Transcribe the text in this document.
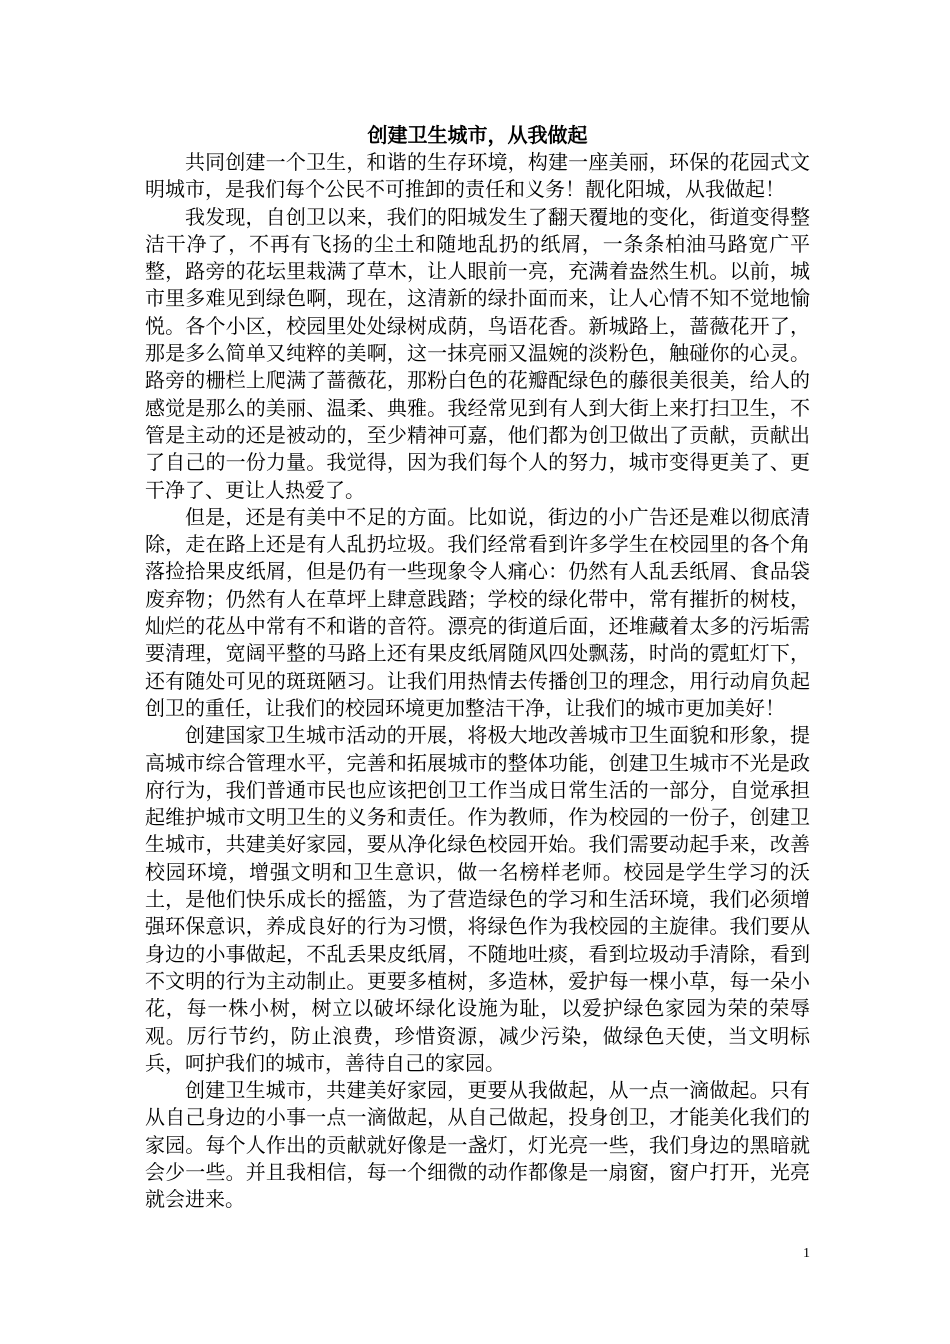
创建卫生城市，从我做起

共同创建一个卫生，和谐的生存环境，构建一座美丽，环保的花园式文明城市，是我们每个公民不可推卸的责任和义务！靓化阳城，从我做起！

我发现，自创卫以来，我们的阳城发生了翻天覆地的变化，街道变得整洁干净了，不再有飞扬的尘土和随地乱扔的纸屑，一条条柏油马路宽广平整，路旁的花坛里栽满了草木，让人眼前一亮，充满着盎然生机。以前，城市里多难见到绿色啊，现在，这清新的绿扑面而来，让人心情不知不觉地愉悦。各个小区，校园里处处绿树成荫，鸟语花香。新城路上，蔷薇花开了，那是多么简单又纯粹的美啊，这一抹亮丽又温婉的淡粉色，触碰你的心灵。路旁的栅栏上爬满了蔷薇花，那粉白色的花瓣配绿色的藤很美很美，给人的感觉是那么的美丽、温柔、典雅。我经常见到有人到大街上来打扫卫生，不管是主动的还是被动的，至少精神可嘉，他们都为创卫做出了贡献，贡献出了自己的一份力量。我觉得，因为我们每个人的努力，城市变得更美了、更干净了、更让人热爱了。

但是，还是有美中不足的方面。比如说，街边的小广告还是难以彻底清除，走在路上还是有人乱扔垃圾。我们经常看到许多学生在校园里的各个角落捡拾果皮纸屑，但是仍有一些现象令人痛心：仍然有人乱丢纸屑、食品袋废弃物；仍然有人在草坪上肆意践踏；学校的绿化带中，常有摧折的树枝，灿烂的花丛中常有不和谐的音符。漂亮的街道后面，还堆藏着太多的污垢需要清理，宽阔平整的马路上还有果皮纸屑随风四处飘荡，时尚的霓虹灯下，还有随处可见的斑斑陋习。让我们用热情去传播创卫的理念，用行动肩负起创卫的重任，让我们的校园环境更加整洁干净，让我们的城市更加美好！

创建国家卫生城市活动的开展，将极大地改善城市卫生面貌和形象，提高城市综合管理水平，完善和拓展城市的整体功能，创建卫生城市不光是政府行为，我们普通市民也应该把创卫工作当成日常生活的一部分，自觉承担起维护城市文明卫生的义务和责任。作为教师，作为校园的一份子，创建卫生城市，共建美好家园，要从净化绿色校园开始。我们需要动起手来，改善校园环境，增强文明和卫生意识，做一名榜样老师。校园是学生学习的沃土，是他们快乐成长的摇篮，为了营造绿色的学习和生活环境，我们必须增强环保意识，养成良好的行为习惯，将绿色作为我校园的主旋律。我们要从身边的小事做起，不乱丢果皮纸屑，不随地吐痰，看到垃圾动手清除，看到不文明的行为主动制止。更要多植树，多造林，爱护每一棵小草，每一朵小花，每一株小树，树立以破坏绿化设施为耻，以爱护绿色家园为荣的荣辱观。厉行节约，防止浪费，珍惜资源，减少污染，做绿色天使，当文明标兵，呵护我们的城市，善待自己的家园。

创建卫生城市，共建美好家园，更要从我做起，从一点一滴做起。只有从自己身边的小事一点一滴做起，从自己做起，投身创卫，才能美化我们的家园。每个人作出的贡献就好像是一盏灯，灯光亮一些，我们身边的黑暗就会少一些。并且我相信，每一个细微的动作都像是一扇窗，窗户打开，光亮就会进来。

1
